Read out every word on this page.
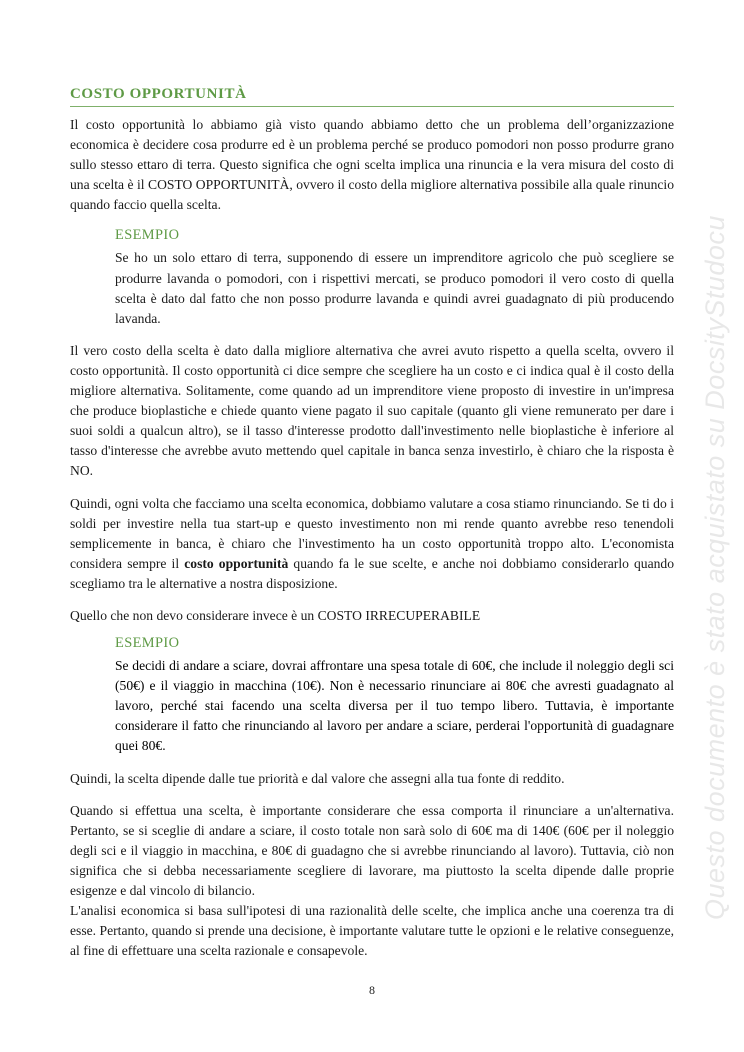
COSTO OPPORTUNITÀ

Il costo opportunità lo abbiamo già visto quando abbiamo detto che un problema dell’organizzazione economica è decidere cosa produrre ed è un problema perché se produco pomodori non posso produrre grano sullo stesso ettaro di terra. Questo significa che ogni scelta implica una rinuncia e la vera misura del costo di una scelta è il COSTO OPPORTUNITÀ, ovvero il costo della migliore alternativa possibile alla quale rinuncio quando faccio quella scelta.

ESEMPIO

Se ho un solo ettaro di terra, supponendo di essere un imprenditore agricolo che può scegliere se produrre lavanda o pomodori, con i rispettivi mercati, se produco pomodori il vero costo di quella scelta è dato dal fatto che non posso produrre lavanda e quindi avrei guadagnato di più producendo lavanda.

Il vero costo della scelta è dato dalla migliore alternativa che avrei avuto rispetto a quella scelta, ovvero il costo opportunità. Il costo opportunità ci dice sempre che scegliere ha un costo e ci indica qual è il costo della migliore alternativa. Solitamente, come quando ad un imprenditore viene proposto di investire in un'impresa che produce bioplastiche e chiede quanto viene pagato il suo capitale (quanto gli viene remunerato per dare i suoi soldi a qualcun altro), se il tasso d'interesse prodotto dall'investimento nelle bioplastiche è inferiore al tasso d'interesse che avrebbe avuto mettendo quel capitale in banca senza investirlo, è chiaro che la risposta è NO.

Quindi, ogni volta che facciamo una scelta economica, dobbiamo valutare a cosa stiamo rinunciando. Se ti do i soldi per investire nella tua start-up e questo investimento non mi rende quanto avrebbe reso tenendoli semplicemente in banca, è chiaro che l'investimento ha un costo opportunità troppo alto. L'economista considera sempre il costo opportunità quando fa le sue scelte, e anche noi dobbiamo considerarlo quando scegliamo tra le alternative a nostra disposizione.

Quello che non devo considerare invece è un COSTO IRRECUPERABILE

ESEMPIO

Se decidi di andare a sciare, dovrai affrontare una spesa totale di 60€, che include il noleggio degli sci (50€) e il viaggio in macchina (10€). Non è necessario rinunciare ai 80€ che avresti guadagnato al lavoro, perché stai facendo una scelta diversa per il tuo tempo libero. Tuttavia, è importante considerare il fatto che rinunciando al lavoro per andare a sciare, perderai l'opportunità di guadagnare quei 80€.

Quindi, la scelta dipende dalle tue priorità e dal valore che assegni alla tua fonte di reddito.

Quando si effettua una scelta, è importante considerare che essa comporta il rinunciare a un'alternativa. Pertanto, se si sceglie di andare a sciare, il costo totale non sarà solo di 60€ ma di 140€ (60€ per il noleggio degli sci e il viaggio in macchina, e 80€ di guadagno che si avrebbe rinunciando al lavoro). Tuttavia, ciò non significa che si debba necessariamente scegliere di lavorare, ma piuttosto la scelta dipende dalle proprie esigenze e dal vincolo di bilancio.

L'analisi economica si basa sull'ipotesi di una razionalità delle scelte, che implica anche una coerenza tra di esse. Pertanto, quando si prende una decisione, è importante valutare tutte le opzioni e le relative conseguenze, al fine di effettuare una scelta razionale e consapevole.

8
Questo documento è stato acquistato su DocsityStudocu
